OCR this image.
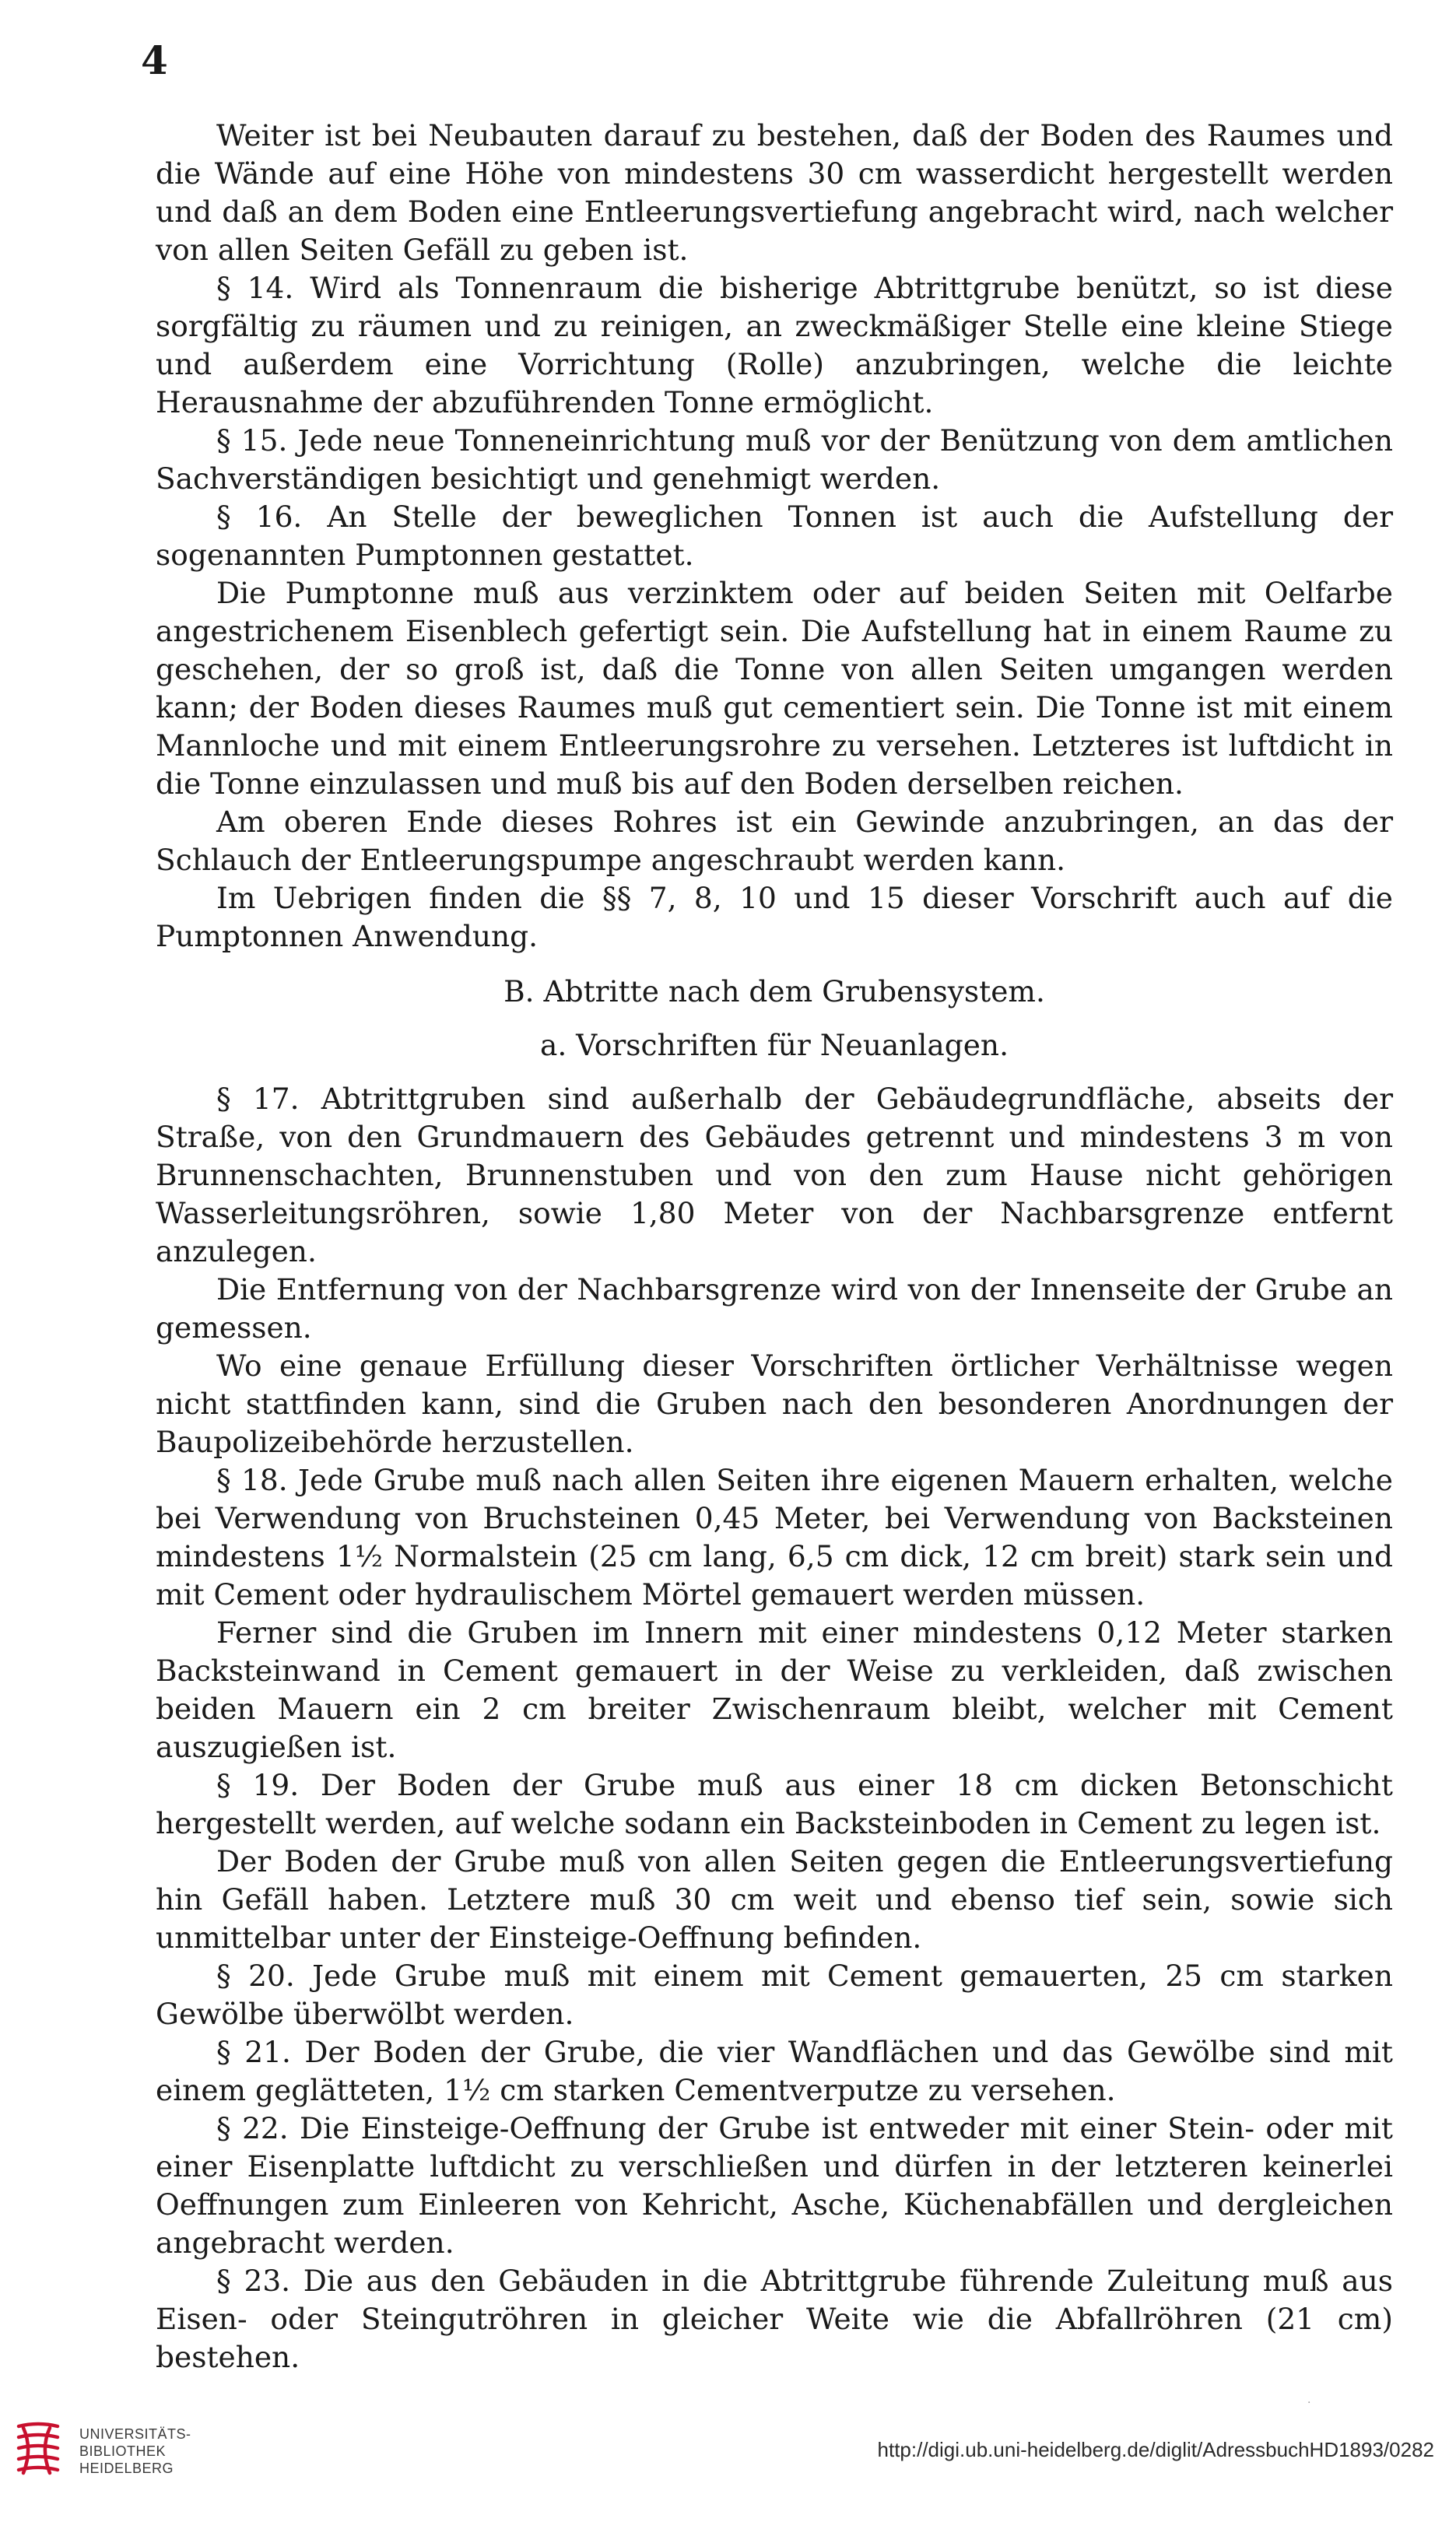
4

Weiter ist bei Neubauten darauf zu bestehen, daß der Boden des Raumes und die Wände auf eine Höhe von mindestens 30 cm wasserdicht hergestellt werden und daß an dem Boden eine Entleerungsvertiefung angebracht wird, nach welcher von allen Seiten Gefäll zu geben ist.

§ 14. Wird als Tonnenraum die bisherige Abtrittgrube benützt, so ist diese sorgfältig zu räumen und zu reinigen, an zweckmäßiger Stelle eine kleine Stiege und außerdem eine Vorrichtung (Rolle) anzubringen, welche die leichte Herausnahme der abzuführenden Tonne ermöglicht.

§ 15. Jede neue Tonneneinrichtung muß vor der Benützung von dem amtlichen Sachverständigen besichtigt und genehmigt werden.

§ 16. An Stelle der beweglichen Tonnen ist auch die Aufstellung der sogenannten Pumptonnen gestattet.

Die Pumptonne muß aus verzinktem oder auf beiden Seiten mit Oelfarbe angestrichenem Eisenblech gefertigt sein. Die Aufstellung hat in einem Raume zu geschehen, der so groß ist, daß die Tonne von allen Seiten umgangen werden kann; der Boden dieses Raumes muß gut cementiert sein. Die Tonne ist mit einem Mannloche und mit einem Entleerungsrohre zu versehen. Letzteres ist luftdicht in die Tonne einzulassen und muß bis auf den Boden derselben reichen.

Am oberen Ende dieses Rohres ist ein Gewinde anzubringen, an das der Schlauch der Entleerungspumpe angeschraubt werden kann.

Im Uebrigen finden die §§ 7, 8, 10 und 15 dieser Vorschrift auch auf die Pumptonnen Anwendung.

B. Abtritte nach dem Grubensystem.

a. Vorschriften für Neuanlagen.

§ 17. Abtrittgruben sind außerhalb der Gebäudegrundfläche, abseits der Straße, von den Grundmauern des Gebäudes getrennt und mindestens 3 m von Brunnenschachten, Brunnenstuben und von den zum Hause nicht gehörigen Wasserleitungsröhren, sowie 1,80 Meter von der Nachbarsgrenze entfernt anzulegen.

Die Entfernung von der Nachbarsgrenze wird von der Innenseite der Grube an gemessen.

Wo eine genaue Erfüllung dieser Vorschriften örtlicher Verhältnisse wegen nicht stattfinden kann, sind die Gruben nach den besonderen Anordnungen der Baupolizeibehörde herzustellen.

§ 18. Jede Grube muß nach allen Seiten ihre eigenen Mauern erhalten, welche bei Verwendung von Bruchsteinen 0,45 Meter, bei Verwendung von Backsteinen mindestens 1½ Normalstein (25 cm lang, 6,5 cm dick, 12 cm breit) stark sein und mit Cement oder hydraulischem Mörtel gemauert werden müssen.

Ferner sind die Gruben im Innern mit einer mindestens 0,12 Meter starken Backsteinwand in Cement gemauert in der Weise zu verkleiden, daß zwischen beiden Mauern ein 2 cm breiter Zwischenraum bleibt, welcher mit Cement auszugießen ist.

§ 19. Der Boden der Grube muß aus einer 18 cm dicken Betonschicht hergestellt werden, auf welche sodann ein Backsteinboden in Cement zu legen ist.

Der Boden der Grube muß von allen Seiten gegen die Entleerungsvertiefung hin Gefäll haben. Letztere muß 30 cm weit und ebenso tief sein, sowie sich unmittelbar unter der Einsteige-Oeffnung befinden.

§ 20. Jede Grube muß mit einem mit Cement gemauerten, 25 cm starken Gewölbe überwölbt werden.

§ 21. Der Boden der Grube, die vier Wandflächen und das Gewölbe sind mit einem geglätteten, 1½ cm starken Cementverputze zu versehen.

§ 22. Die Einsteige-Oeffnung der Grube ist entweder mit einer Stein- oder mit einer Eisenplatte luftdicht zu verschließen und dürfen in der letzteren keinerlei Oeffnungen zum Einleeren von Kehricht, Asche, Küchenabfällen und dergleichen angebracht werden.

§ 23. Die aus den Gebäuden in die Abtrittgrube führende Zuleitung muß aus Eisen- oder Steingutröhren in gleicher Weite wie die Abfallröhren (21 cm) bestehen.

·
UNIVERSITÄTS-
BIBLIOTHEK
HEIDELBERG
http://digi.ub.uni-heidelberg.de/diglit/AdressbuchHD1893/0282
